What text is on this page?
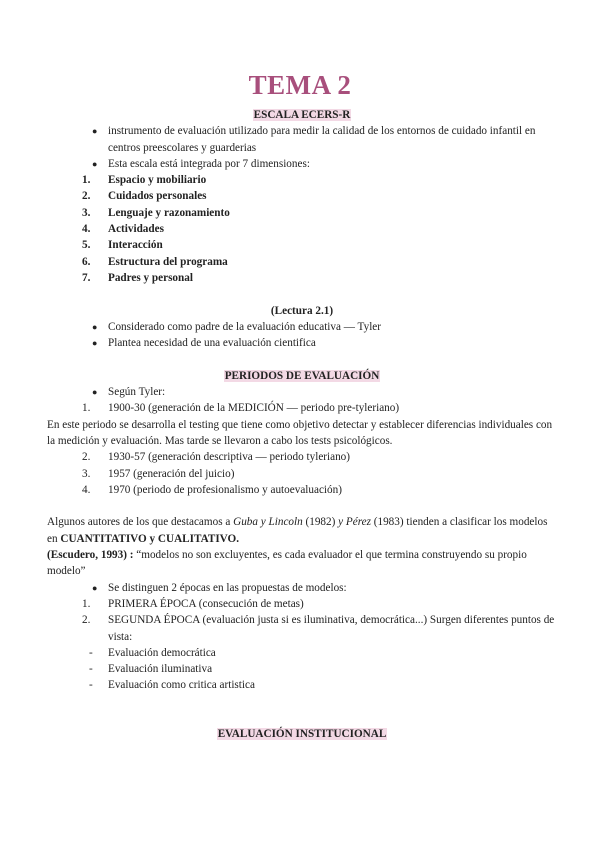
TEMA 2
ESCALA ECERS-R
● instrumento de evaluación utilizado para medir la calidad de los entornos de cuidado infantil en centros preescolares y guarderias
● Esta escala está integrada por 7 dimensiones:
1. Espacio y mobiliario
2. Cuidados personales
3. Lenguaje y razonamiento
4. Actividades
5. Interacción
6. Estructura del programa
7. Padres y personal
(Lectura 2.1)
● Considerado como padre de la evaluación educativa — Tyler
● Plantea necesidad de una evaluación cientifica
PERIODOS DE EVALUACIÓN
● Según Tyler:
1. 1900-30 (generación de la MEDICIÓN — periodo pre-tyleriano)
En este periodo se desarrolla el testing que tiene como objetivo detectar y establecer diferencias individuales con la medición y evaluación. Mas tarde se llevaron a cabo los tests psicológicos.
2. 1930-57 (generación descriptiva — periodo tyleriano)
3. 1957 (generación del juicio)
4. 1970 (periodo de profesionalismo y autoevaluación)
Algunos autores de los que destacamos a Guba y Lincoln (1982) y Pérez (1983) tienden a clasificar los modelos en CUANTITATIVO y CUALITATIVO.
(Escudero, 1993) : “modelos no son excluyentes, es cada evaluador el que termina construyendo su propio modelo”
● Se distinguen 2 épocas en las propuestas de modelos:
1. PRIMERA ÉPOCA (consecución de metas)
2. SEGUNDA ÉPOCA (evaluación justa si es iluminativa, democrática...) Surgen diferentes puntos de vista:
- Evaluación democrática
- Evaluación iluminativa
- Evaluación como critica artistica
EVALUACIÓN INSTITUCIONAL
